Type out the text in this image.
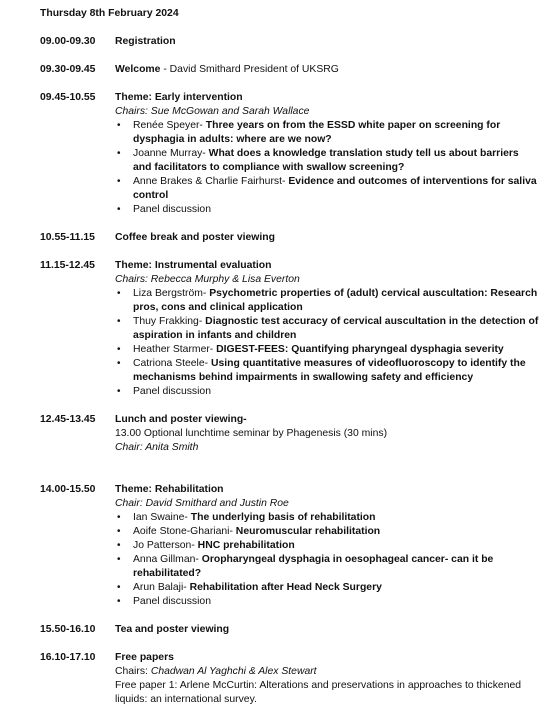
Thursday 8th February 2024
09.00-09.30	Registration
09.30-09.45	Welcome - David Smithard President of UKSRG
09.45-10.55	Theme: Early intervention
Chairs: Sue McGowan and Sarah Wallace
• Renée Speyer- Three years on from the ESSD white paper on screening for dysphagia in adults: where are we now?
• Joanne Murray- What does a knowledge translation study tell us about barriers and facilitators to compliance with swallow screening?
• Anne Brakes & Charlie Fairhurst- Evidence and outcomes of interventions for saliva control
• Panel discussion
10.55-11.15	Coffee break and poster viewing
11.15-12.45	Theme: Instrumental evaluation
Chairs: Rebecca Murphy & Lisa Everton
• Liza Bergström- Psychometric properties of (adult) cervical auscultation: Research pros, cons and clinical application
• Thuy Frakking- Diagnostic test accuracy of cervical auscultation in the detection of aspiration in infants and children
• Heather Starmer- DIGEST-FEES: Quantifying pharyngeal dysphagia severity
• Catriona Steele- Using quantitative measures of videofluoroscopy to identify the mechanisms behind impairments in swallowing safety and efficiency
• Panel discussion
12.45-13.45	Lunch and poster viewing-
13.00 Optional lunchtime seminar by Phagenesis (30 mins)
Chair: Anita Smith
14.00-15.50	Theme: Rehabilitation
Chair: David Smithard and Justin Roe
• Ian Swaine- The underlying basis of rehabilitation
• Aoife Stone-Ghariani- Neuromuscular rehabilitation
• Jo Patterson- HNC prehabilitation
• Anna Gillman- Oropharyngeal dysphagia in oesophageal cancer- can it be rehabilitated?
• Arun Balaji- Rehabilitation after Head Neck Surgery
• Panel discussion
15.50-16.10	Tea and poster viewing
16.10-17.10	Free papers
Chairs: Chadwan Al Yaghchi & Alex Stewart
Free paper 1: Arlene McCurtin: Alterations and preservations in approaches to thickened liquids: an international survey.
